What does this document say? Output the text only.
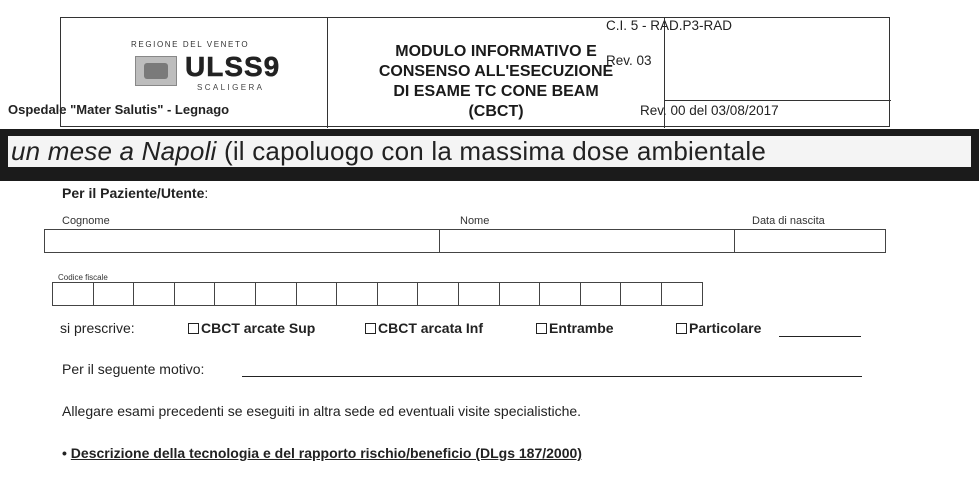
REGIONE DEL VENETO
ULSS9
SCALIGERA
MODULO INFORMATIVO E
CONSENSO ALL'ESECUZIONE
DI ESAME TC CONE BEAM
(CBCT)
Ospedale "Mater Salutis" - Legnago
C.I. 5 - RAD.P3-RAD
Rev. 03
Rev. 00 del 03/08/2017
un mese a Napoli (il capoluogo con la massima dose ambientale
Per il Paziente/Utente:
Cognome	Nome	Data di nascita
Codice fiscale
si prescrive:	CBCT arcate Sup	CBCT arcata Inf	Entrambe	Particolare
Per il seguente motivo:
Allegare esami precedenti se eseguiti in altra sede ed eventuali visite specialistiche.
• Descrizione della tecnologia e del rapporto rischio/beneficio (DLgs 187/2000)
